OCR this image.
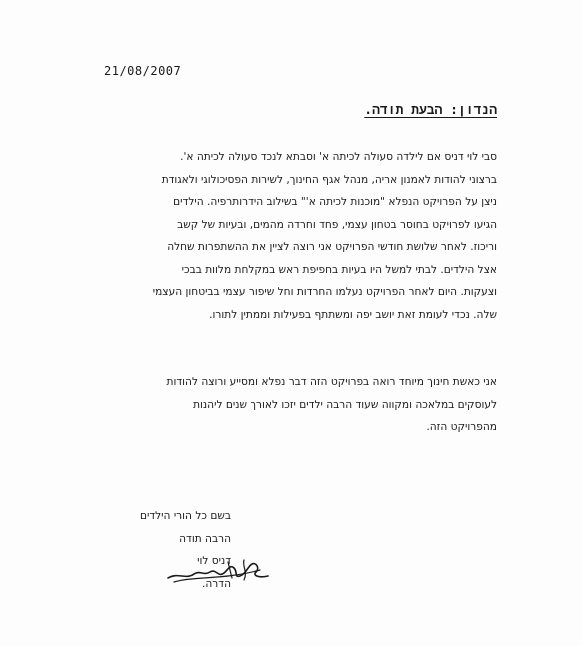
21/08/2007
הנדון: הבעת תודה.
סבי לוי דניס אם לילדה סעולה לכיתה א' וסבתא לנכד סעולה לכיתה א'.
ברצוני להודות לאמנון אריה, מנהל אגף החינוך, לשירות הפסיכולוגי ולאגודת
ניצן על הפרויקט הנפלא "מוכנות לכיתה א'" בשילוב הידרותרפיה. הילדים
הגיעו לפרויקט בחוסר בטחון עצמי, פחד וחרדה מהמים, ובעיות של קשב
וריכוז. לאחר שלושת חודשי הפרויקט אני רוצה לציין את ההשתפרות שחלה
אצל הילדים. לבתי למשל היו בעיות בחפיפת ראש במקלחת מלוות בבכי
וצעקות. היום לאחר הפרויקט נעלמו החרדות וחל שיפור עצמי בביטחון העצמי
שלה. נכדי לעומת זאת יושב יפה ומשתתף בפעילות וממתין לתורו.
אני כאשת חינוך מיוחד רואה בפרויקט הזה דבר נפלא ומסייע ורוצה להודות
לעוסקים במלאכה ומקווה שעוד הרבה ילדים יזכו לאורך שנים ליהנות
מהפרויקט הזה.
בשם כל הורי הילדים
הרבה תודה
דניס לוי
הדרה.
